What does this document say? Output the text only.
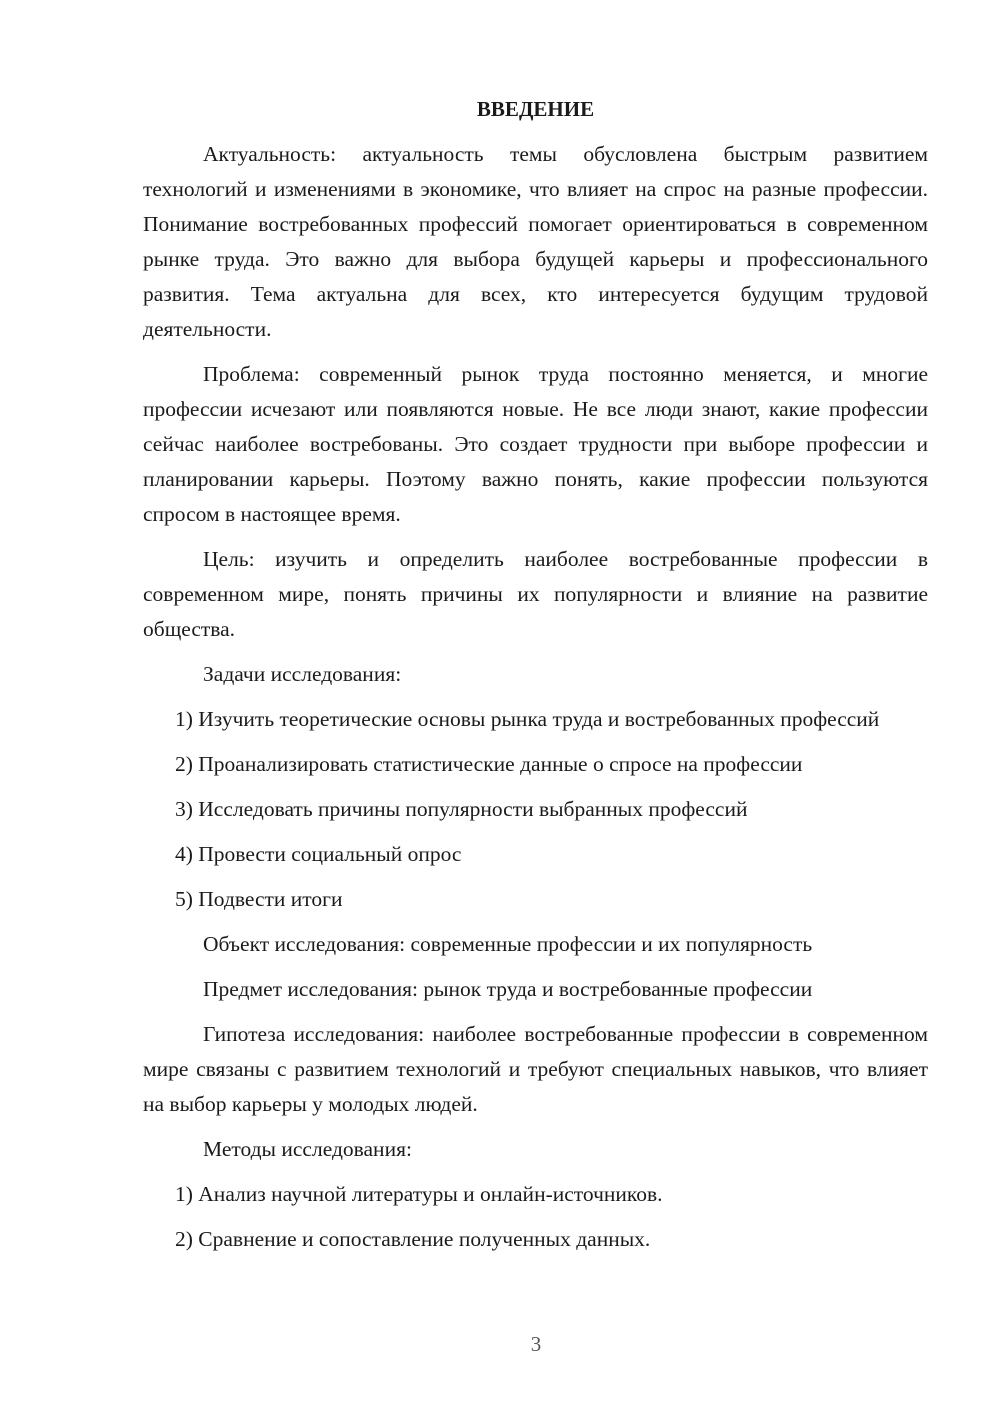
ВВЕДЕНИЕ
Актуальность: актуальность темы обусловлена быстрым развитием технологий и изменениями в экономике, что влияет на спрос на разные профессии. Понимание востребованных профессий помогает ориентироваться в современном рынке труда. Это важно для выбора будущей карьеры и профессионального развития. Тема актуальна для всех, кто интересуется будущим трудовой деятельности.
Проблема: современный рынок труда постоянно меняется, и многие профессии исчезают или появляются новые. Не все люди знают, какие профессии сейчас наиболее востребованы. Это создает трудности при выборе профессии и планировании карьеры. Поэтому важно понять, какие профессии пользуются спросом в настоящее время.
Цель: изучить и определить наиболее востребованные профессии в современном мире, понять причины их популярности и влияние на развитие общества.
Задачи исследования:
1) Изучить теоретические основы рынка труда и востребованных профессий
2) Проанализировать статистические данные о спросе на профессии
3) Исследовать причины популярности выбранных профессий
4) Провести социальный опрос
5) Подвести итоги
Объект исследования: современные профессии и их популярность
Предмет исследования: рынок труда и востребованные профессии
Гипотеза исследования: наиболее востребованные профессии в современном мире связаны с развитием технологий и требуют специальных навыков, что влияет на выбор карьеры у молодых людей.
Методы исследования:
1) Анализ научной литературы и онлайн-источников.
2) Сравнение и сопоставление полученных данных.
3
